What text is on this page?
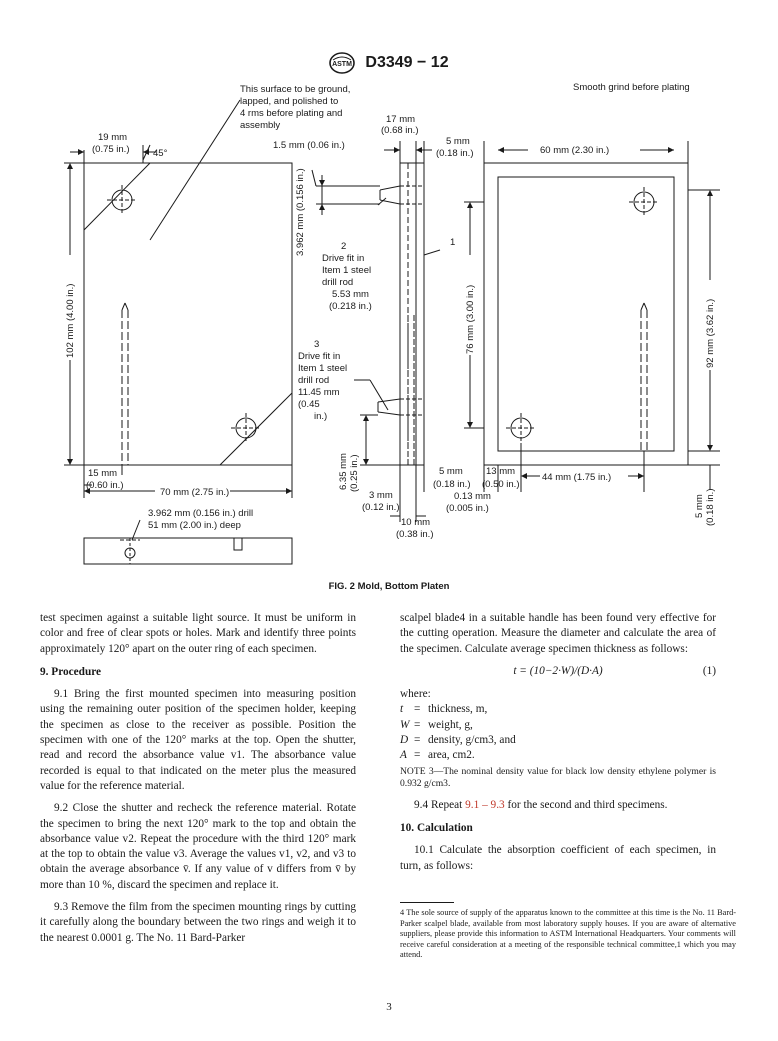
ASTM D3349 − 12
This surface to be ground,
lapped, and polished to
4 rms before plating and
assembly
Smooth grind before plating
19 mm
(0.75 in.) 45°
17 mm
(0.68 in.)
1.5 mm (0.06 in.)	5 mm
(0.18 in.)	60 mm (2.30 in.)
3.962 mm (0.156 in.)	2
Drive fit in
Item 1 steel
drill rod
5.53 mm
(0.218 in.)
1
102 mm (4.00 in.)	76 mm (3.00 in.)	92 mm (3.62 in.)
3
Drive fit in
Item 1 steel
drill rod
11.45 mm
(0.45
in.)
15 mm
(0.60 in.)
70 mm (2.75 in.)
6.35 mm (0.25 in.)	5 mm
(0.18 in.)
13 mm
(0.50 in.)
44 mm (1.75 in.)
3 mm
(0.12 in.)
0.13 mm
(0.005 in.)
10 mm
(0.38 in.)
5 mm (0.18 in.)
3.962 mm (0.156 in.) drill
51 mm (2.00 in.) deep
FIG. 2 Mold, Bottom Platen

test specimen against a suitable light source. It must be uniform in color and free of clear spots or holes. Mark and identify three points approximately 120° apart on the outer ring of each specimen.

9. Procedure

9.1 Bring the first mounted specimen into measuring position using the remaining outer position of the specimen holder, keeping the specimen as close to the receiver as possible. Position the specimen with one of the 120° marks at the top. Open the shutter, read and record the absorbance value v1. The absorbance value recorded is equal to that indicated on the meter plus the measured value for the reference material.

9.2 Close the shutter and recheck the reference material. Rotate the specimen to bring the next 120° mark to the top and obtain the absorbance value v2. Repeat the procedure with the third 120° mark at the top to obtain the value v3. Average the values v1, v2, and v3 to obtain the average absorbance v̄. If any value of v differs from v̄ by more than 10 %, discard the specimen and replace it.

9.3 Remove the film from the specimen mounting rings by cutting it carefully along the boundary between the two rings and weigh it to the nearest 0.0001 g. The No. 11 Bard-Parker

scalpel blade4 in a suitable handle has been found very effective for the cutting operation. Measure the diameter and calculate the area of the specimen. Calculate average specimen thickness as follows:

t = (10−2·W)/(D·A)	(1)
where:
t = thickness, m,
W = weight, g,
D = density, g/cm3, and
A = area, cm2.
NOTE 3—The nominal density value for black low density ethylene polymer is 0.932 g/cm3.

9.4 Repeat 9.1 – 9.3 for the second and third specimens.

10. Calculation

10.1 Calculate the absorption coefficient of each specimen, in turn, as follows:

4 The sole source of supply of the apparatus known to the committee at this time is the No. 11 Bard-Parker scalpel blade, available from most laboratory supply houses. If you are aware of alternative suppliers, please provide this information to ASTM International Headquarters. Your comments will receive careful consideration at a meeting of the responsible technical committee,1 which you may attend.
3
